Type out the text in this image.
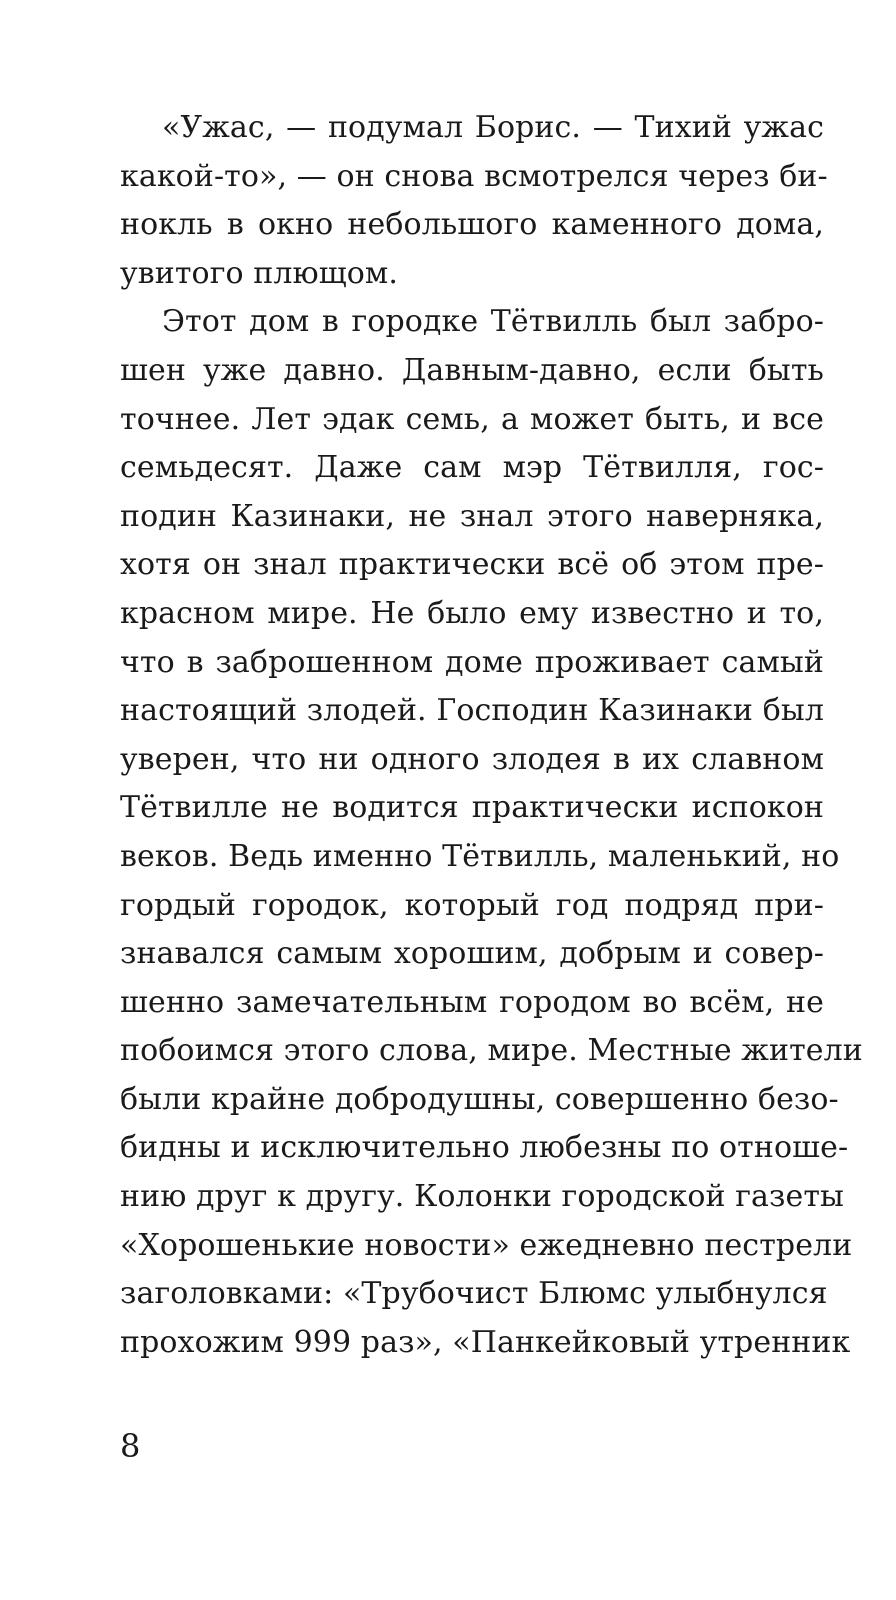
«Ужас, — подумал Борис. — Тихий ужас
какой-то», — он снова всмотрелся через би-
нокль в окно небольшого каменного дома,
увитого плющом.
Этот дом в городке Тётвилль был забро-
шен уже давно. Давным-давно, если быть
точнее. Лет эдак семь, а может быть, и все
семьдесят. Даже сам мэр Тётвилля, гос-
подин Казинаки, не знал этого наверняка,
хотя он знал практически всё об этом пре-
красном мире. Не было ему известно и то,
что в заброшенном доме проживает самый
настоящий злодей. Господин Казинаки был
уверен, что ни одного злодея в их славном
Тётвилле не водится практически испокон
веков. Ведь именно Тётвилль, маленький, но
гордый городок, который год подряд при-
знавался самым хорошим, добрым и совер-
шенно замечательным городом во всём, не
побоимся этого слова, мире. Местные жители
были крайне добродушны, совершенно безо-
бидны и исключительно любезны по отноше-
нию друг к другу. Колонки городской газеты
«Хорошенькие новости» ежедневно пестрели
заголовками: «Трубочист Блюмс улыбнулся
прохожим 999 раз», «Панкейковый утренник
8
